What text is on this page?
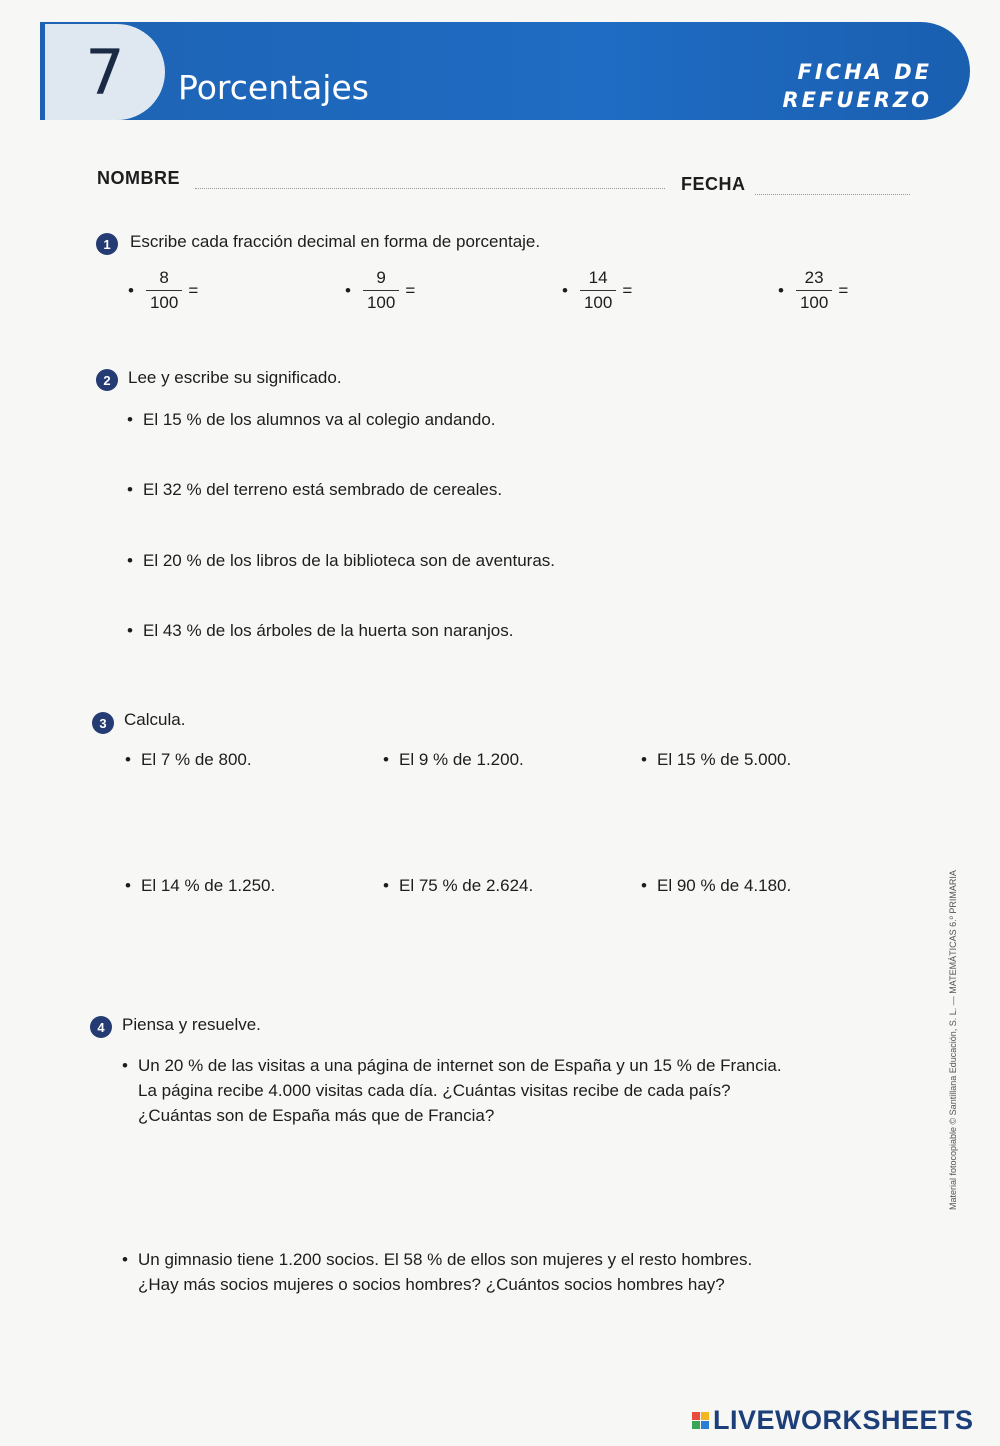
7 Porcentajes	FICHA DE
REFUERZO
NOMBRE	FECHA
1	Escribe cada fracción decimal en forma de porcentaje.
• $\frac{8}{100}$ =	• $\frac{9}{100}$ =	• $\frac{14}{100}$ =	• $\frac{23}{100}$ =
2	Lee y escribe su significado.
• El 15 % de los alumnos va al colegio andando.
• El 32 % del terreno está sembrado de cereales.
• El 20 % de los libros de la biblioteca son de aventuras.
• El 43 % de los árboles de la huerta son naranjos.
3	Calcula.
• El 7 % de 800.	• El 9 % de 1.200.	• El 15 % de 5.000.
• El 14 % de 1.250.	• El 75 % de 2.624.	• El 90 % de 4.180.
4	Piensa y resuelve.
• Un 20 % de las visitas a una página de internet son de España y un 15 % de Francia.
La página recibe 4.000 visitas cada día. ¿Cuántas visitas recibe de cada país?
¿Cuántas son de España más que de Francia?
• Un gimnasio tiene 1.200 socios. El 58 % de ellos son mujeres y el resto hombres.
¿Hay más socios mujeres o socios hombres? ¿Cuántos socios hombres hay?
Material fotocopiable © Santillana Educación, S. L. — MATEMÁTICAS 6.º PRIMARIA
LIVEWORKSHEETS
